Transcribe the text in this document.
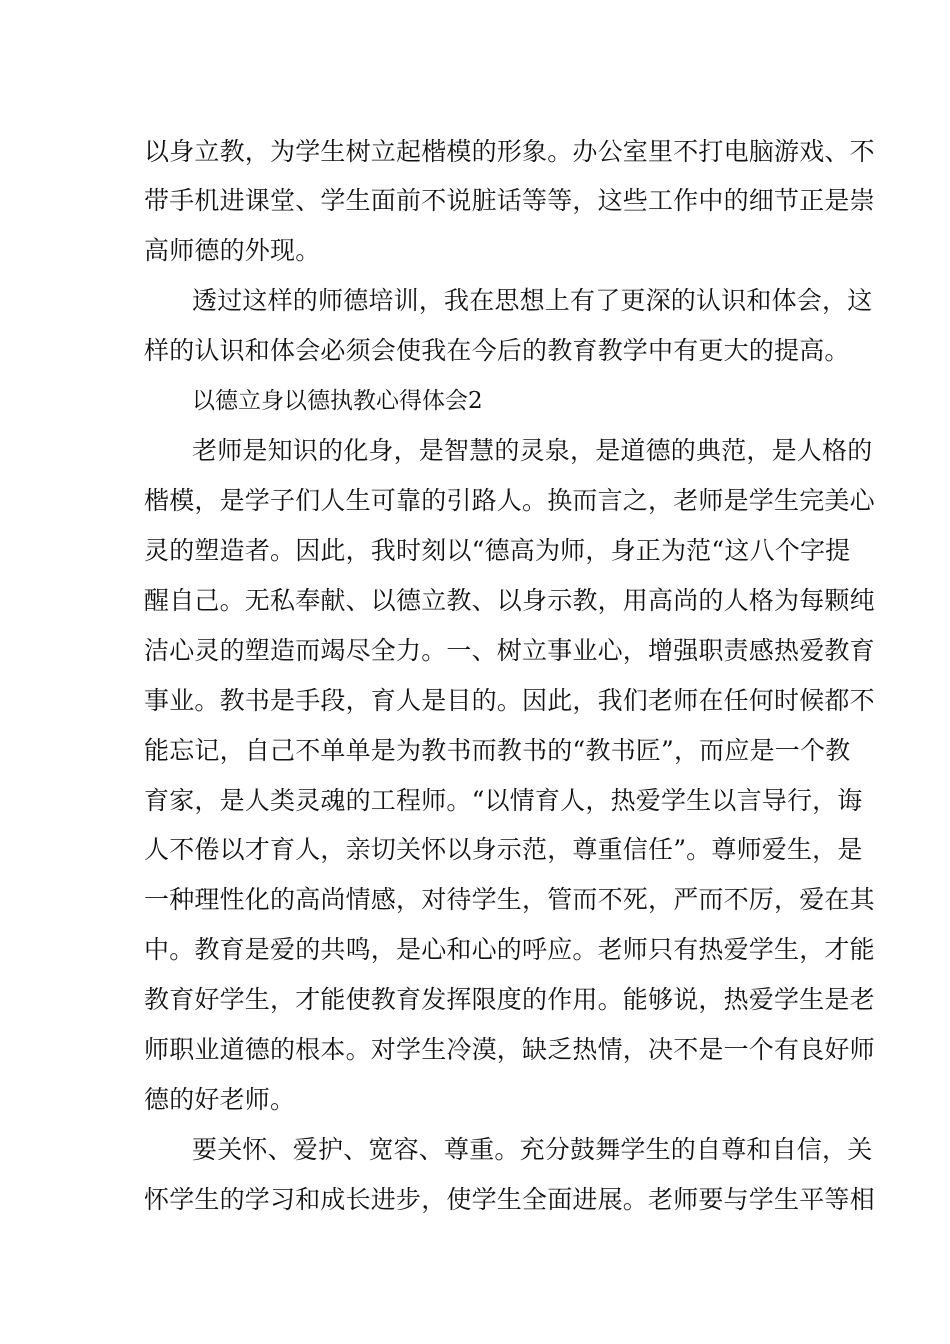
以身立教，为学生树立起楷模的形象。办公室里不打电脑游戏、不
带手机进课堂、学生面前不说脏话等等，这些工作中的细节正是崇
高师德的外现。
透过这样的师德培训，我在思想上有了更深的认识和体会，这
样的认识和体会必须会使我在今后的教育教学中有更大的提高。
以德立身以德执教心得体会2
老师是知识的化身，是智慧的灵泉，是道德的典范，是人格的
楷模，是学子们人生可靠的引路人。换而言之，老师是学生完美心
灵的塑造者。因此，我时刻以“德高为师，身正为范“这八个字提
醒自己。无私奉献、以德立教、以身示教，用高尚的人格为每颗纯
洁心灵的塑造而竭尽全力。一、树立事业心，增强职责感热爱教育
事业。教书是手段，育人是目的。因此，我们老师在任何时候都不
能忘记，自己不单单是为教书而教书的“教书匠”，而应是一个教
育家，是人类灵魂的工程师。“以情育人，热爱学生以言导行，诲
人不倦以才育人，亲切关怀以身示范，尊重信任”。尊师爱生，是
一种理性化的高尚情感，对待学生，管而不死，严而不厉，爱在其
中。教育是爱的共鸣，是心和心的呼应。老师只有热爱学生，才能
教育好学生，才能使教育发挥限度的作用。能够说，热爱学生是老
师职业道德的根本。对学生冷漠，缺乏热情，决不是一个有良好师
德的好老师。
要关怀、爱护、宽容、尊重。充分鼓舞学生的自尊和自信，关
怀学生的学习和成长进步，使学生全面进展。老师要与学生平等相
